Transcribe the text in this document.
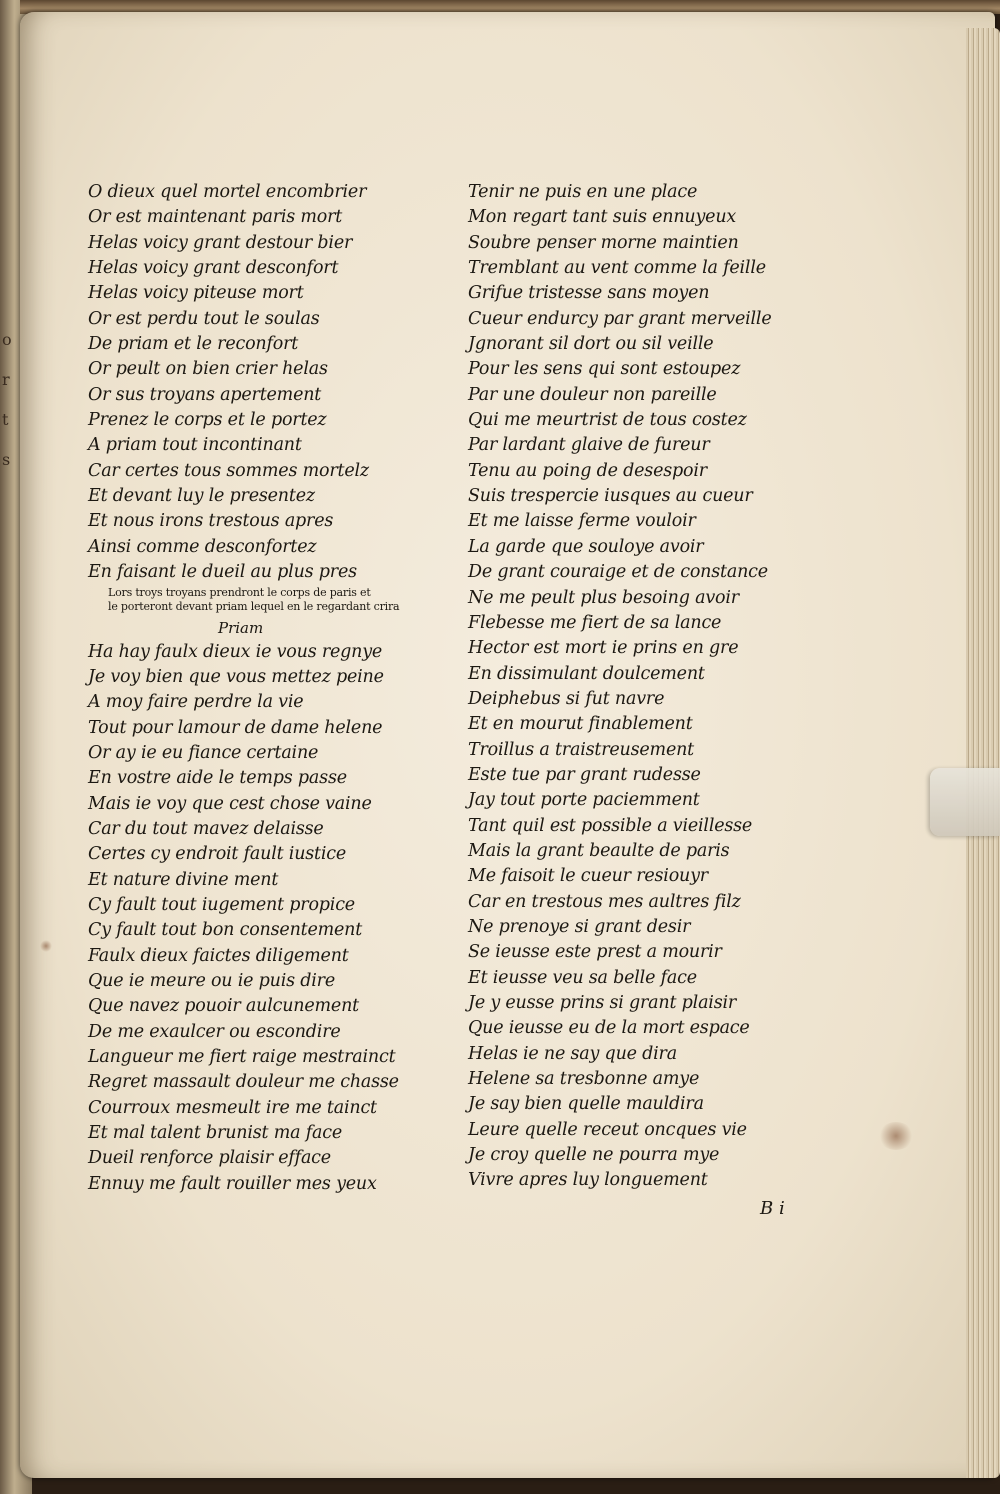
o
r
t
s
O dieux quel mortel encombrier
Or est maintenant paris mort
Helas voicy grant destour bier
Helas voicy grant desconfort
Helas voicy piteuse mort
Or est perdu tout le soulas
De priam et le reconfort
Or peult on bien crier helas
Or sus troyans apertement
Prenez le corps et le portez
A priam tout incontinant
Car certes tous sommes mortelz
Et devant luy le presentez
Et nous irons trestous apres
Ainsi comme desconfortez
En faisant le dueil au plus pres
Lors troys troyans prendront le corps de paris et
le porteront devant priam lequel en le regardant crira
Priam
Ha hay faulx dieux ie vous regnye
Je voy bien que vous mettez peine
A moy faire perdre la vie
Tout pour lamour de dame helene
Or ay ie eu fiance certaine
En vostre aide le temps passe
Mais ie voy que cest chose vaine
Car du tout mavez delaisse
Certes cy endroit fault iustice
Et nature divine ment
Cy fault tout iugement propice
Cy fault tout bon consentement
Faulx dieux faictes diligement
Que ie meure ou ie puis dire
Que navez pouoir aulcunement
De me exaulcer ou escondire
Langueur me fiert raige mestrainct
Regret massault douleur me chasse
Courroux mesmeult ire me tainct
Et mal talent brunist ma face
Dueil renforce plaisir efface
Ennuy me fault rouiller mes yeux
Tenir ne puis en une place
Mon regart tant suis ennuyeux
Soubre penser morne maintien
Tremblant au vent comme la feille
Grifue tristesse sans moyen
Cueur endurcy par grant merveille
Jgnorant sil dort ou sil veille
Pour les sens qui sont estoupez
Par une douleur non pareille
Qui me meurtrist de tous costez
Par lardant glaive de fureur
Tenu au poing de desespoir
Suis trespercie iusques au cueur
Et me laisse ferme vouloir
La garde que souloye avoir
De grant couraige et de constance
Ne me peult plus besoing avoir
Flebesse me fiert de sa lance
Hector est mort ie prins en gre
En dissimulant doulcement
Deiphebus si fut navre
Et en mourut finablement
Troillus a traistreusement
Este tue par grant rudesse
Jay tout porte paciemment
Tant quil est possible a vieillesse
Mais la grant beaulte de paris
Me faisoit le cueur resiouyr
Car en trestous mes aultres filz
Ne prenoye si grant desir
Se ieusse este prest a mourir
Et ieusse veu sa belle face
Je y eusse prins si grant plaisir
Que ieusse eu de la mort espace
Helas ie ne say que dira
Helene sa tresbonne amye
Je say bien quelle mauldira
Leure quelle receut oncques vie
Je croy quelle ne pourra mye
Vivre apres luy longuement
B i
